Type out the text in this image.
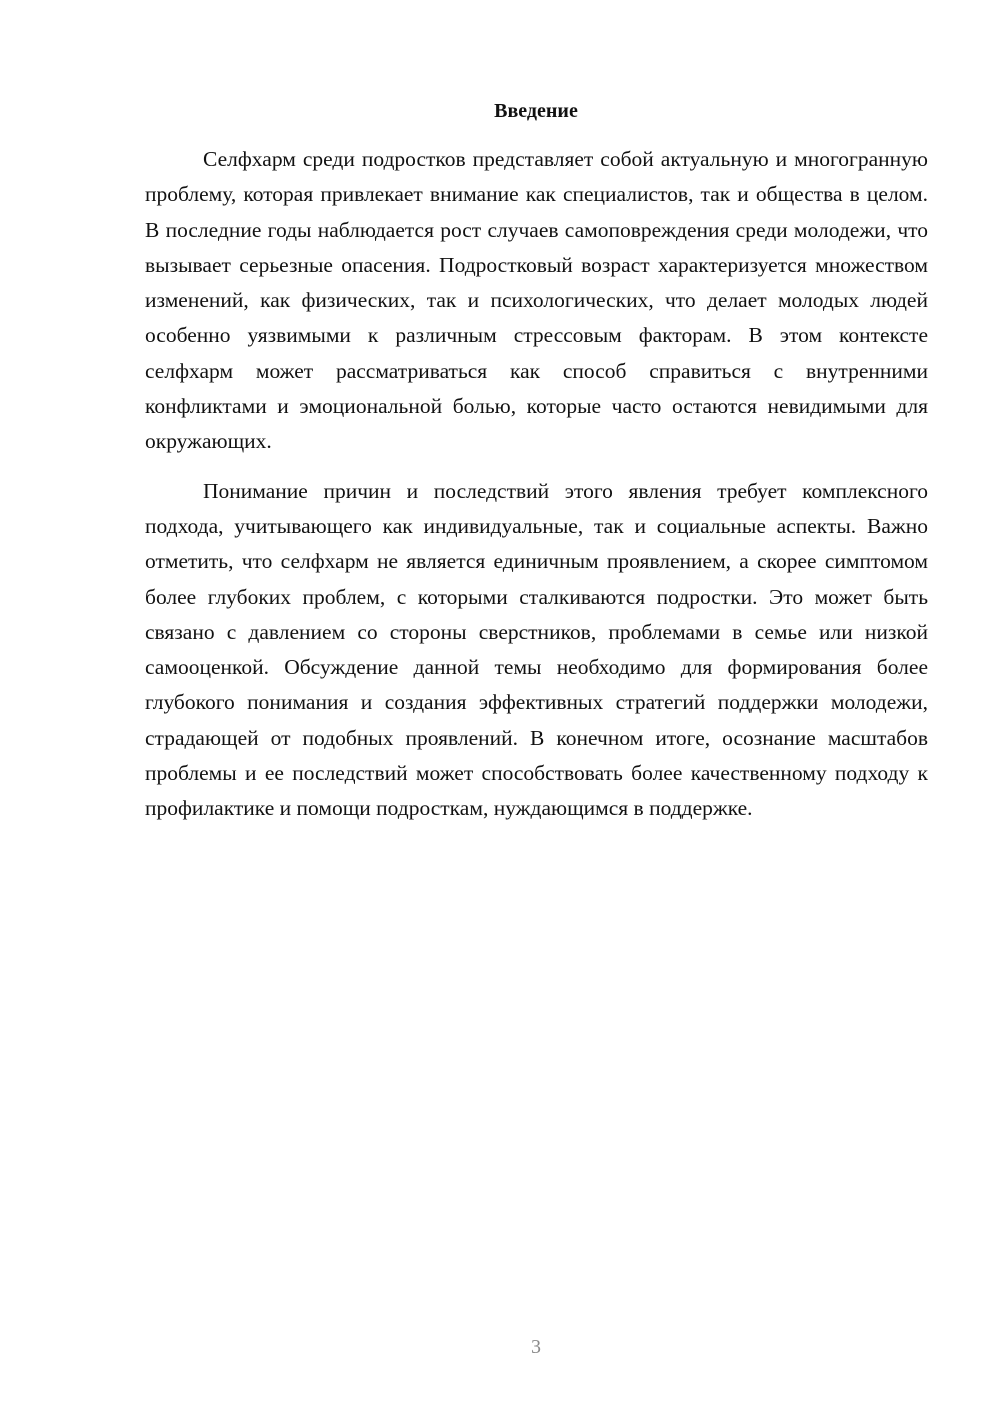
Введение

Селфхарм среди подростков представляет собой актуальную и многогранную проблему, которая привлекает внимание как специалистов, так и общества в целом. В последние годы наблюдается рост случаев самоповреждения среди молодежи, что вызывает серьезные опасения. Подростковый возраст характеризуется множеством изменений, как физических, так и психологических, что делает молодых людей особенно уязвимыми к различным стрессовым факторам. В этом контексте селфхарм может рассматриваться как способ справиться с внутренними конфликтами и эмоциональной болью, которые часто остаются невидимыми для окружающих.

Понимание причин и последствий этого явления требует комплексного подхода, учитывающего как индивидуальные, так и социальные аспекты. Важно отметить, что селфхарм не является единичным проявлением, а скорее симптомом более глубоких проблем, с которыми сталкиваются подростки. Это может быть связано с давлением со стороны сверстников, проблемами в семье или низкой самооценкой. Обсуждение данной темы необходимо для формирования более глубокого понимания и создания эффективных стратегий поддержки молодежи, страдающей от подобных проявлений. В конечном итоге, осознание масштабов проблемы и ее последствий может способствовать более качественному подходу к профилактике и помощи подросткам, нуждающимся в поддержке.

3
